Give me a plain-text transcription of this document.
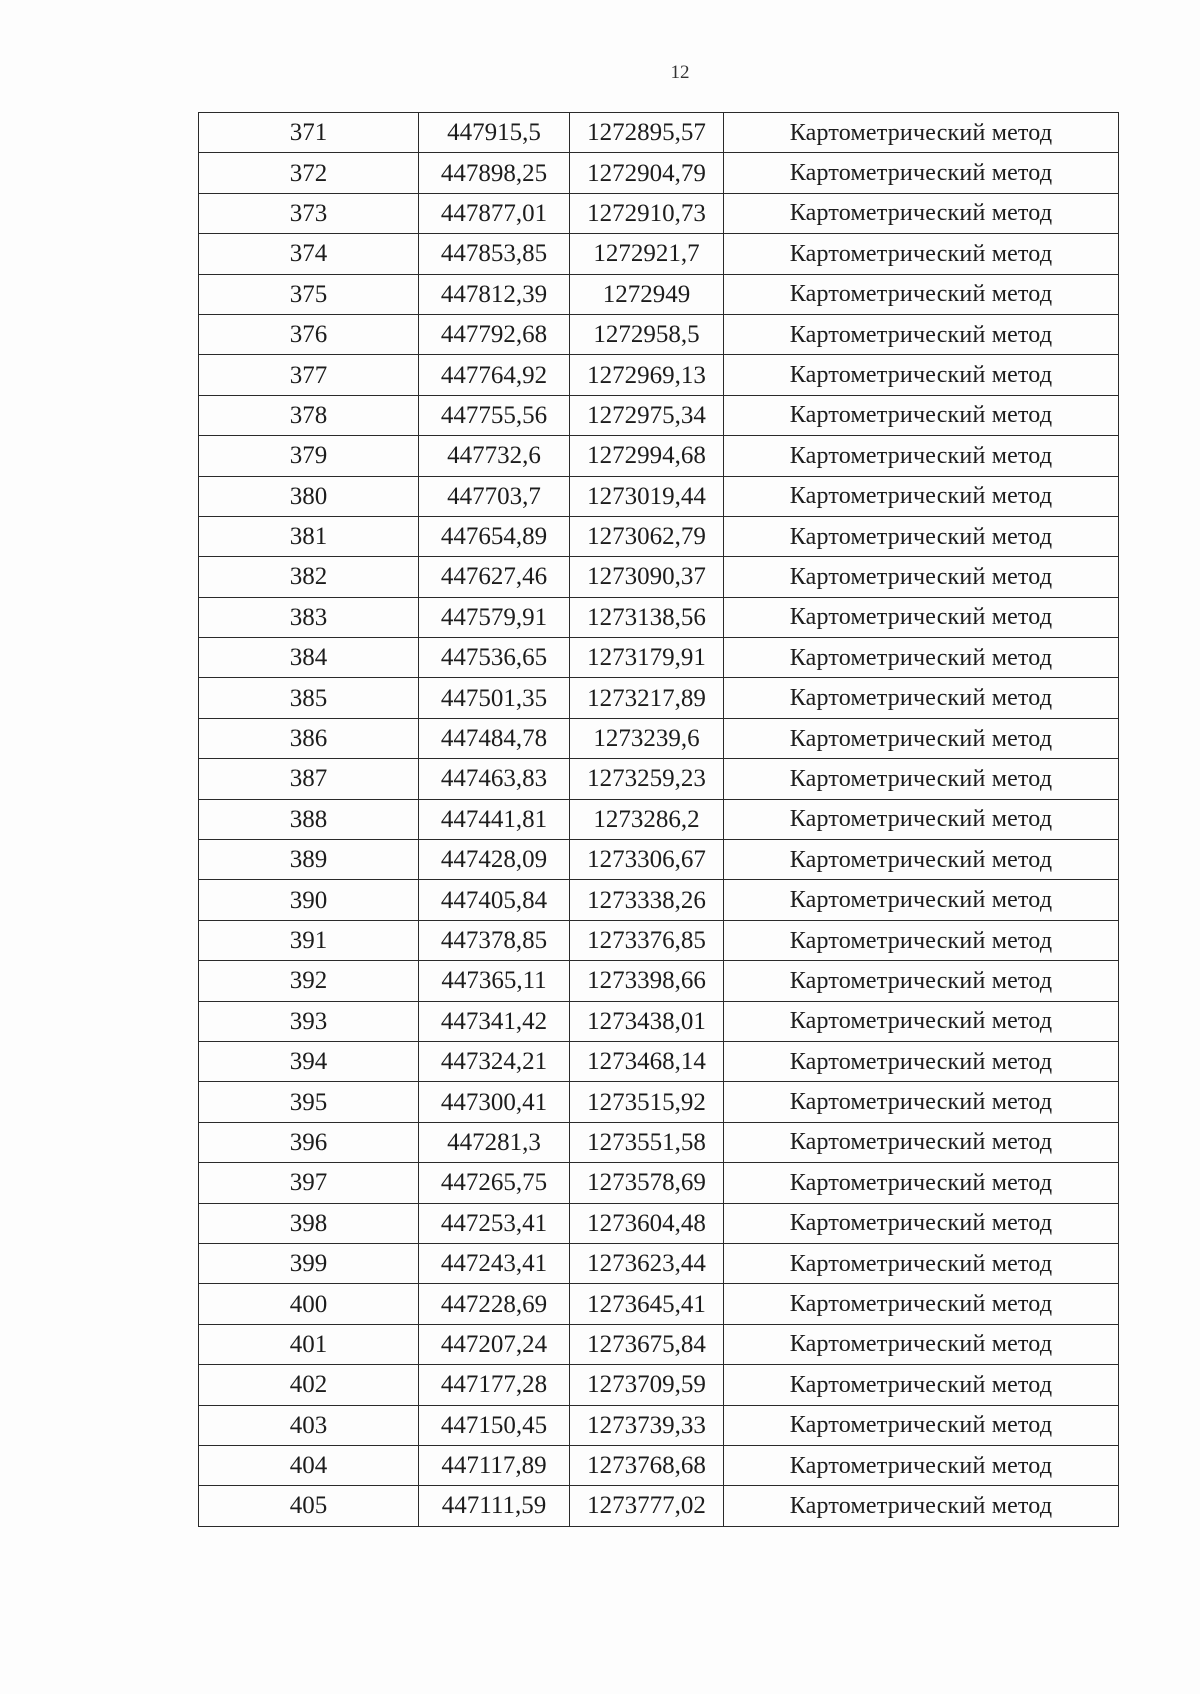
12
371	447915,5	1272895,57	Картометрический метод
372	447898,25	1272904,79	Картометрический метод
373	447877,01	1272910,73	Картометрический метод
374	447853,85	1272921,7	Картометрический метод
375	447812,39	1272949	Картометрический метод
376	447792,68	1272958,5	Картометрический метод
377	447764,92	1272969,13	Картометрический метод
378	447755,56	1272975,34	Картометрический метод
379	447732,6	1272994,68	Картометрический метод
380	447703,7	1273019,44	Картометрический метод
381	447654,89	1273062,79	Картометрический метод
382	447627,46	1273090,37	Картометрический метод
383	447579,91	1273138,56	Картометрический метод
384	447536,65	1273179,91	Картометрический метод
385	447501,35	1273217,89	Картометрический метод
386	447484,78	1273239,6	Картометрический метод
387	447463,83	1273259,23	Картометрический метод
388	447441,81	1273286,2	Картометрический метод
389	447428,09	1273306,67	Картометрический метод
390	447405,84	1273338,26	Картометрический метод
391	447378,85	1273376,85	Картометрический метод
392	447365,11	1273398,66	Картометрический метод
393	447341,42	1273438,01	Картометрический метод
394	447324,21	1273468,14	Картометрический метод
395	447300,41	1273515,92	Картометрический метод
396	447281,3	1273551,58	Картометрический метод
397	447265,75	1273578,69	Картометрический метод
398	447253,41	1273604,48	Картометрический метод
399	447243,41	1273623,44	Картометрический метод
400	447228,69	1273645,41	Картометрический метод
401	447207,24	1273675,84	Картометрический метод
402	447177,28	1273709,59	Картометрический метод
403	447150,45	1273739,33	Картометрический метод
404	447117,89	1273768,68	Картометрический метод
405	447111,59	1273777,02	Картометрический метод
